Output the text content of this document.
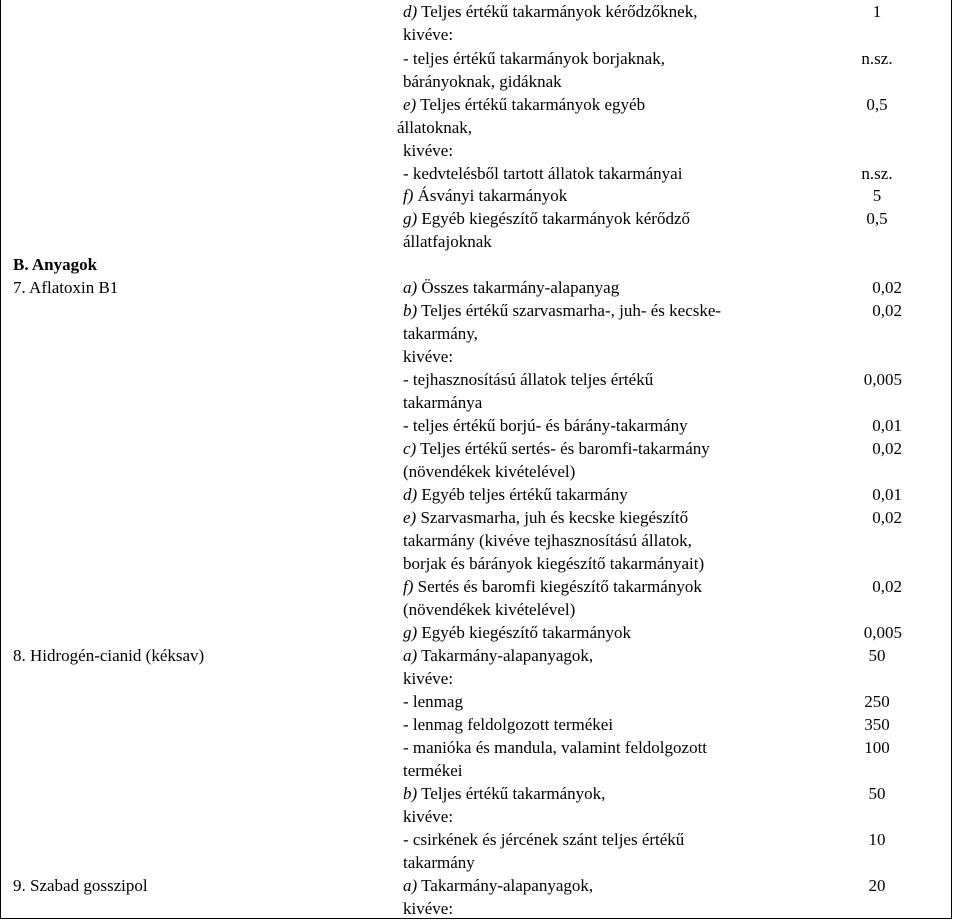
d) Teljes értékű takarmányok kérődzőknek,	1
kivéve:
- teljes értékű takarmányok borjaknak,	n.sz.
bárányoknak, gidáknak
e) Teljes értékű takarmányok egyéb	0,5
állatoknak,
kivéve:
- kedvtelésből tartott állatok takarmányai	n.sz.
f) Ásványi takarmányok	5
g) Egyéb kiegészítő takarmányok kérődző	0,5
állatfajoknak
B. Anyagok
7. Aflatoxin B1	a) Összes takarmány-alapanyag	0,02
b) Teljes értékű szarvasmarha-, juh- és kecske-	0,02
takarmány,
kivéve:
- tejhasznosítású állatok teljes értékű	0,005
takarmánya
- teljes értékű borjú- és bárány-takarmány	0,01
c) Teljes értékű sertés- és baromfi-takarmány	0,02
(növendékek kivételével)
d) Egyéb teljes értékű takarmány	0,01
e) Szarvasmarha, juh és kecske kiegészítő	0,02
takarmány (kivéve tejhasznosítású állatok,
borjak és bárányok kiegészítő takarmányait)
f) Sertés és baromfi kiegészítő takarmányok	0,02
(növendékek kivételével)
g) Egyéb kiegészítő takarmányok	0,005
8. Hidrogén-cianid (kéksav)	a) Takarmány-alapanyagok,	50
kivéve:
- lenmag	250
- lenmag feldolgozott termékei	350
- manióka és mandula, valamint feldolgozott	100
termékei
b) Teljes értékű takarmányok,	50
kivéve:
- csirkének és jércének szánt teljes értékű	10
takarmány
9. Szabad gosszipol	a) Takarmány-alapanyagok,	20
kivéve:
